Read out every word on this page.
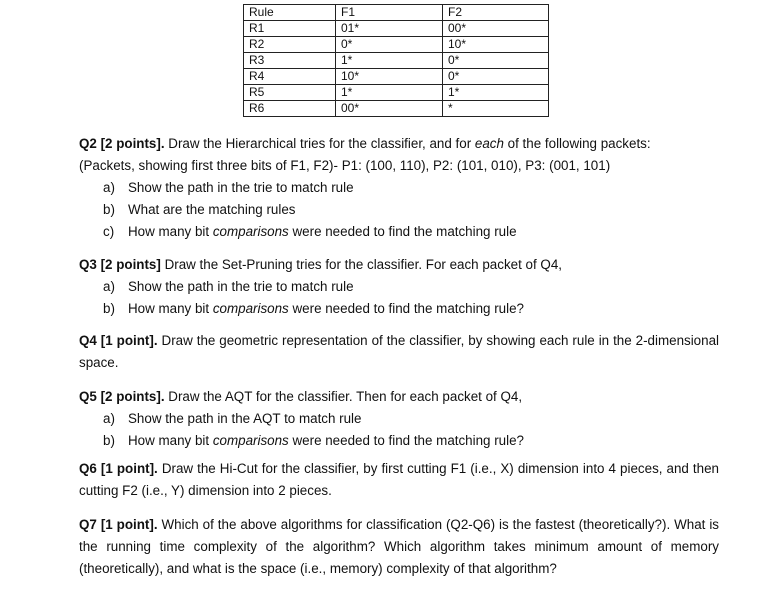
Rule	F1	F2
R1	01*	00*
R2	0*	10*
R3	1*	0*
R4	10*	0*
R5	1*	1*
R6	00*	*

Q2 [2 points]. Draw the Hierarchical tries for the classifier, and for each of the following packets:

(Packets, showing first three bits of F1, F2)- P1: (100, 110), P2: (101, 010), P3: (001, 101)

a) Show the path in the trie to match rule
b) What are the matching rules
c)	How many bit comparisons were needed to find the matching rule

Q3 [2 points] Draw the Set-Pruning tries for the classifier. For each packet of Q4,

a) Show the path in the trie to match rule
b) How many bit comparisons were needed to find the matching rule?

Q4 [1 point]. Draw the geometric representation of the classifier, by showing each rule in the 2-dimensional space.

Q5 [2 points]. Draw the AQT for the classifier. Then for each packet of Q4,

a) Show the path in the AQT to match rule
b) How many bit comparisons were needed to find the matching rule?

Q6 [1 point]. Draw the Hi-Cut for the classifier, by first cutting F1 (i.e., X) dimension into 4 pieces, and then cutting F2 (i.e., Y) dimension into 2 pieces.

Q7 [1 point]. Which of the above algorithms for classification (Q2-Q6) is the fastest (theoretically?). What is the running time complexity of the algorithm? Which algorithm takes minimum amount of memory (theoretically), and what is the space (i.e., memory) complexity of that algorithm?
